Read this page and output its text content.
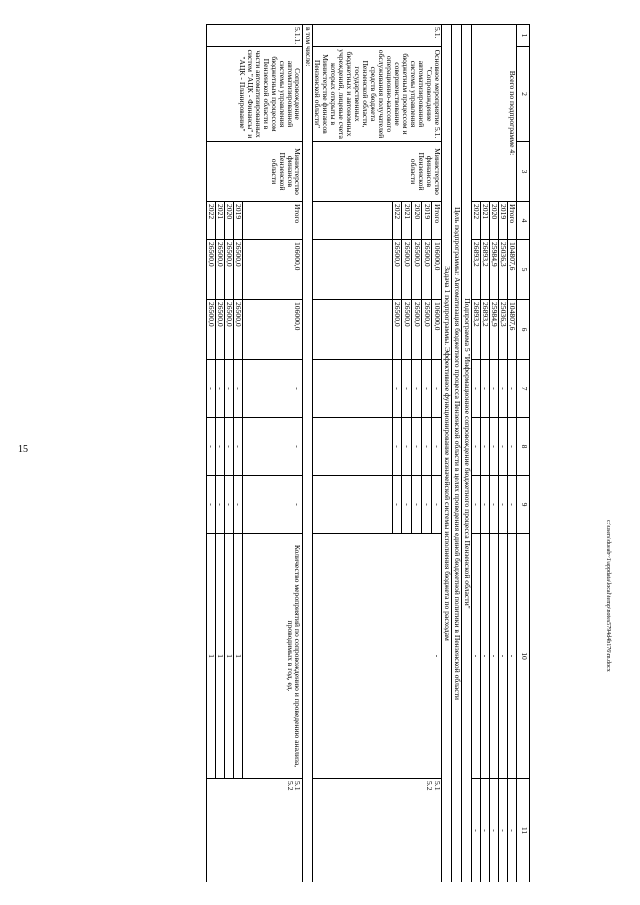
15
c:\users\dueab~1\appdata\local\temp\notes5794d4b176\m.docx
1	2	3	4	5	6	7	8	9	10	11
Всего по подпрограмме 4:			Итого	104807,6	104807,6	-	-	-	-	-
			2019	25036,3	25036,3	-	-	-	-	-
			2020	25984,9	25984,9	-	-	-	-	-
			2021	26893,2	26893,2	-	-	-	-	-
			2022	26893,2	26893,2	-	-	-	-	-
Подпрограмма 5 "Информационное сопровождение бюджетного процесса Пензенской области"										
Цель подпрограммы: Автоматизация бюджетного процесса Пензенской области в целях проведения единой бюджетной политики в Пензенской области										
Задача 1 подпрограммы. Эффективное функционирование казначейской системы исполнения бюджета по расходам										
5.1.	Основное мероприятие 5.1. "Сопровождение автоматизированной системы управления бюджетным процессом и совершенствование операционно-кассового обслуживания получателей средств бюджета Пензенской области, государственных бюджетных и автономных учреждений, лицевые счета которых открыты в Министерстве финансов Пензенской области"	Министерство финансов Пензенской области	Итого	106000,0	106000,0	-	-	-	-	5.1
5.2
			2019	26500,0	26500,0	-	-	-		
			2020	26500,0	26500,0	-	-	-		
			2021	26500,0	26500,0	-	-	-		
			2022	26500,0	26500,0	-	-	-		

в том числе:										
5.1.1.	Сопровождение автоматизированной системы управления бюджетным процессом Пензенской области в части автоматизированных систем "АЦК - Финансы" и "АЦК - Планирование"	Министерство финансов Пензенской области	Итого	106000,0	106000,0	-	-	-	Количество мероприятий по сопровождению и проведению анализа, проводимых в год, ед.	5.1
5.2
			2019	26500,0	26500,0	-	-	-	1	
			2020	26500,0	26500,0	-	-	-	1	
			2021	26500,0	26500,0	-	-	-	1	
			2022	26500,0	26500,0	-	-	-	1	
